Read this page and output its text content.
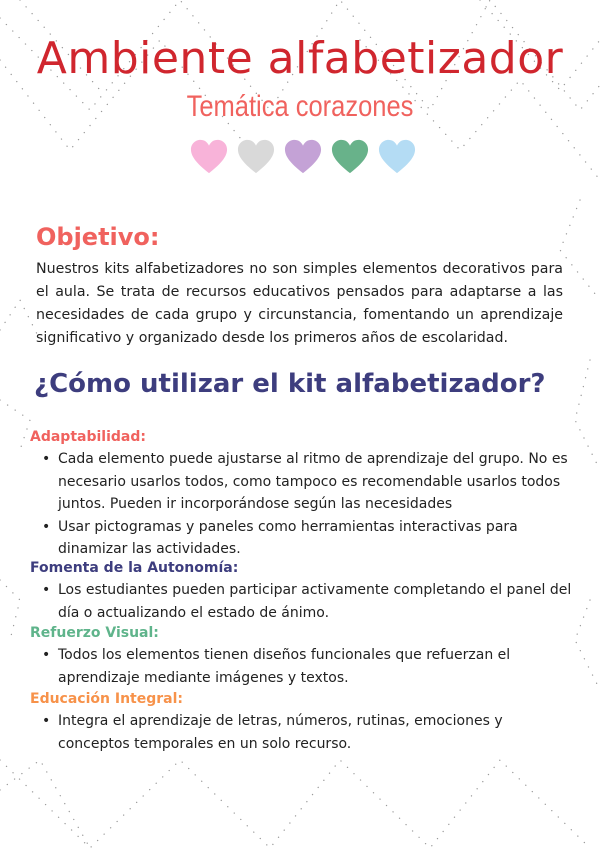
Ambiente alfabetizador
Temática corazones
Objetivo:
Nuestros kits alfabetizadores no son simples elementos decorativos para el aula. Se trata de recursos educativos pensados para adaptarse a las necesidades de cada grupo y circunstancia, fomentando un aprendizaje significativo y organizado desde los primeros años de escolaridad.
¿Cómo utilizar el kit alfabetizador?
Adaptabilidad:
• Cada elemento puede ajustarse al ritmo de aprendizaje del grupo. No es necesario usarlos todos, como tampoco es recomendable usarlos todos juntos. Pueden ir incorporándose según las necesidades
• Usar pictogramas y paneles como herramientas interactivas para dinamizar las actividades.
Fomenta de la Autonomía:
• Los estudiantes pueden participar activamente completando el panel del día o actualizando el estado de ánimo.
Refuerzo Visual:
• Todos los elementos tienen diseños funcionales que refuerzan el aprendizaje mediante imágenes y textos.
Educación Integral:
• Integra el aprendizaje de letras, números, rutinas, emociones y conceptos temporales en un solo recurso.
